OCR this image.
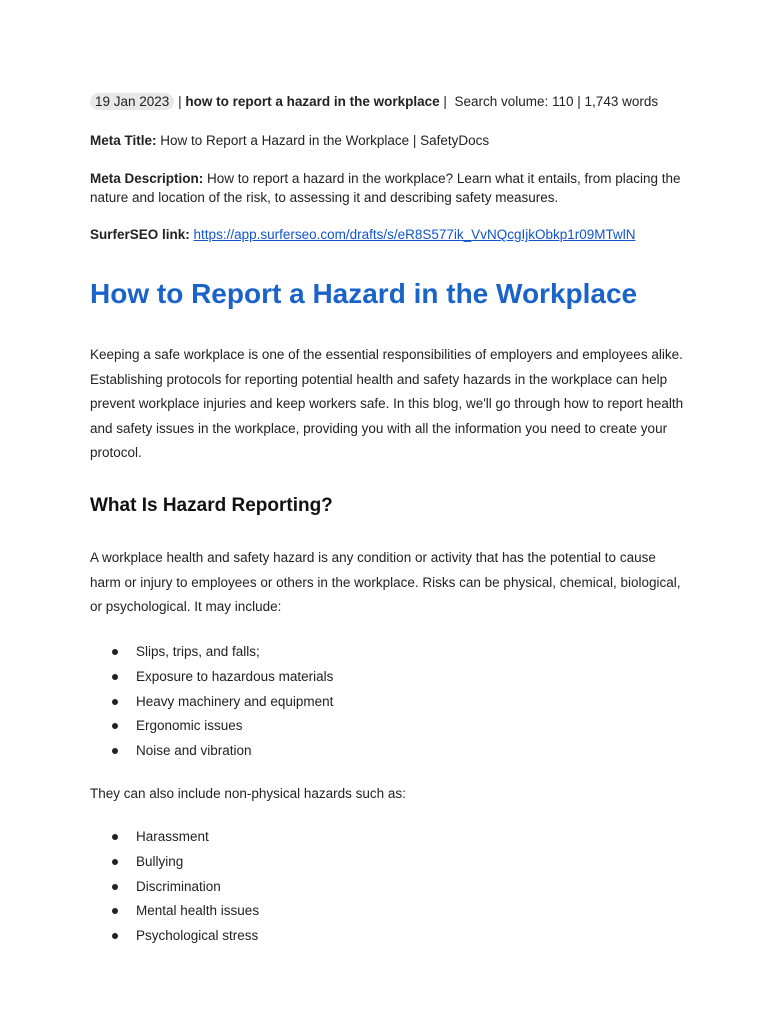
19 Jan 2023 | how to report a hazard in the workplace |  Search volume: 110 | 1,743 words
Meta Title: How to Report a Hazard in the Workplace | SafetyDocs
Meta Description: How to report a hazard in the workplace? Learn what it entails, from placing the nature and location of the risk, to assessing it and describing safety measures.
SurferSEO link: https://app.surferseo.com/drafts/s/eR8S577ik_VvNQcgIjkObkp1r09MTwlN
How to Report a Hazard in the Workplace

Keeping a safe workplace is one of the essential responsibilities of employers and employees alike. Establishing protocols for reporting potential health and safety hazards in the workplace can help prevent workplace injuries and keep workers safe. In this blog, we'll go through how to report health and safety issues in the workplace, providing you with all the information you need to create your protocol.

What Is Hazard Reporting?

A workplace health and safety hazard is any condition or activity that has the potential to cause harm or injury to employees or others in the workplace. Risks can be physical, chemical, biological, or psychological. It may include:

Slips, trips, and falls;
Exposure to hazardous materials
Heavy machinery and equipment
Ergonomic issues
Noise and vibration

They can also include non-physical hazards such as:

Harassment
Bullying
Discrimination
Mental health issues
Psychological stress
